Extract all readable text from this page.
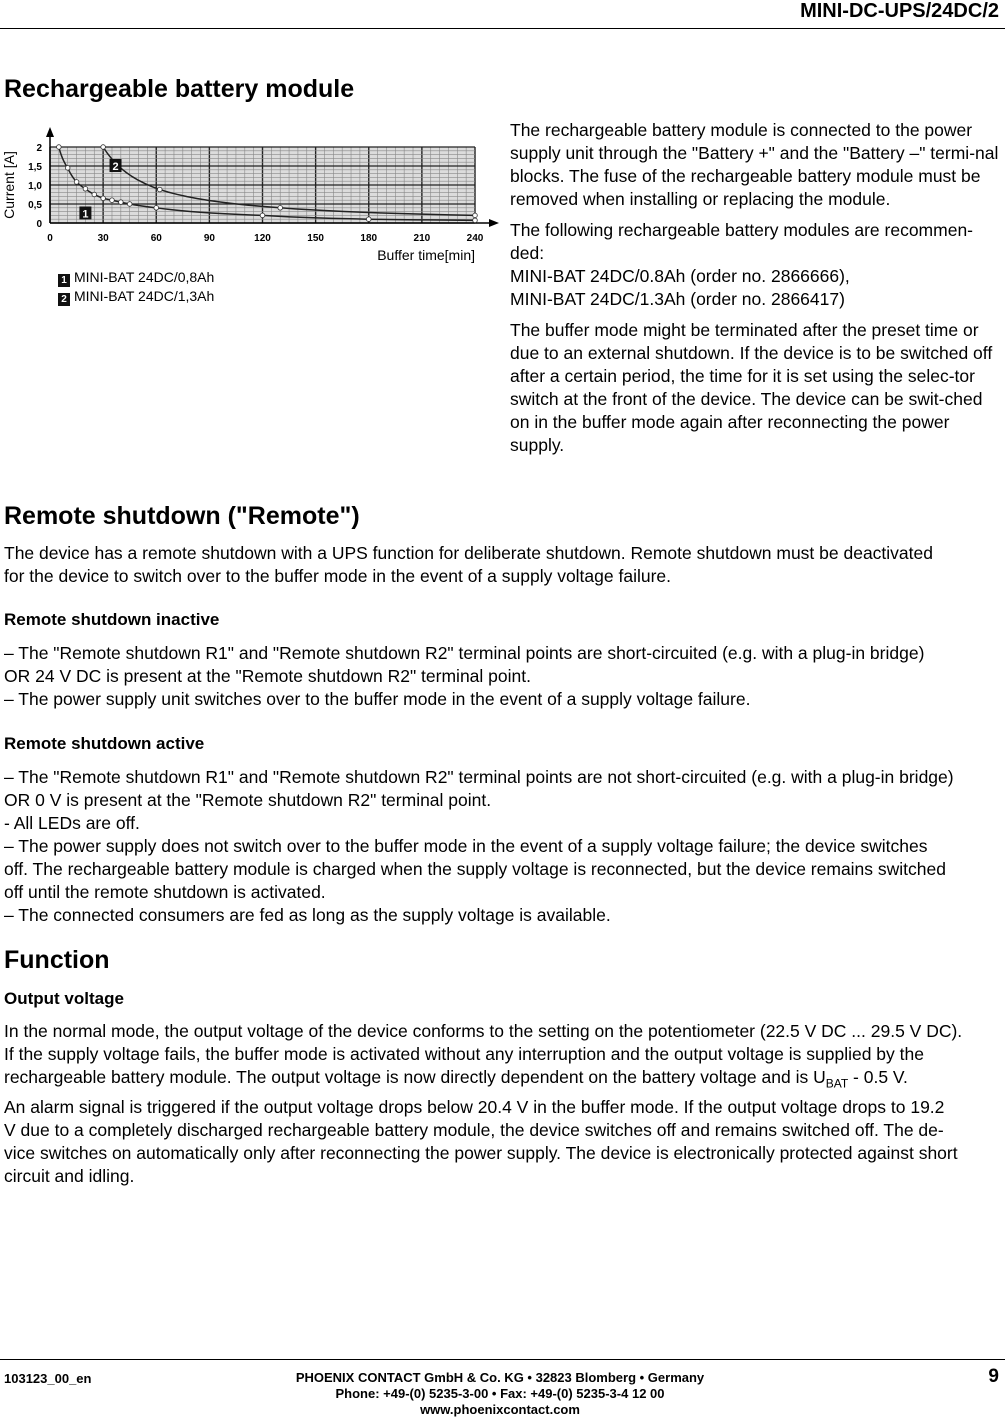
MINI-DC-UPS/24DC/2
Rechargeable battery module
0	30	60	90	120	150	180	210	240
0
0,5
1,0
1,5
2
Buffer time[min]
Current [A]	1
2
1 MINI-BAT 24DC/0,8Ah
2 MINI-BAT 24DC/1,3Ah

The rechargeable battery module is connected to the power supply unit through the "Battery +" and the "Battery –" termi-nal blocks. The fuse of the rechargeable battery module must be removed when installing or replacing the module.

The following rechargeable battery modules are recommen-ded:

MINI-BAT 24DC/0.8Ah (order no. 2866666),

MINI-BAT 24DC/1.3Ah (order no. 2866417)

The buffer mode might be terminated after the preset time or due to an external shutdown. If the device is to be switched off after a certain period, the time for it is set using the selec-tor switch at the front of the device. The device can be swit-ched on in the buffer mode again after reconnecting the power supply.

Remote shutdown ("Remote")

The device has a remote shutdown with a UPS function for deliberate shutdown. Remote shutdown must be deactivated

for the device to switch over to the buffer mode in the event of a supply voltage failure.

Remote shutdown inactive

– The "Remote shutdown R1" and "Remote shutdown R2" terminal points are short-circuited (e.g. with a plug-in bridge)

OR 24 V DC is present at the "Remote shutdown R2" terminal point.

– The power supply unit switches over to the buffer mode in the event of a supply voltage failure.

Remote shutdown active

– The "Remote shutdown R1" and "Remote shutdown R2" terminal points are not short-circuited (e.g. with a plug-in bridge)

OR 0 V is present at the "Remote shutdown R2" terminal point.

- All LEDs are off.

– The power supply does not switch over to the buffer mode in the event of a supply voltage failure; the device switches

off. The rechargeable battery module is charged when the supply voltage is reconnected, but the device remains switched

off until the remote shutdown is activated.

– The connected consumers are fed as long as the supply voltage is available.

Function
Output voltage

In the normal mode, the output voltage of the device conforms to the setting on the potentiometer (22.5 V DC ... 29.5 V DC).

If the supply voltage fails, the buffer mode is activated without any interruption and the output voltage is supplied by the

rechargeable battery module. The output voltage is now directly dependent on the battery voltage and is $U_{BAT} - 0.5$ V.

An alarm signal is triggered if the output voltage drops below 20.4 V in the buffer mode. If the output voltage drops to 19.2

V due to a completely discharged rechargeable battery module, the device switches off and remains switched off. The de-

vice switches on automatically only after reconnecting the power supply. The device is electronically protected against short

circuit and idling.

103123_00_en	PHOENIX CONTACT GmbH & Co. KG • 32823 Blomberg • Germany
Phone: +49-(0) 5235-3-00 • Fax: +49-(0) 5235-3-4 12 00
www.phoenixcontact.com
9
